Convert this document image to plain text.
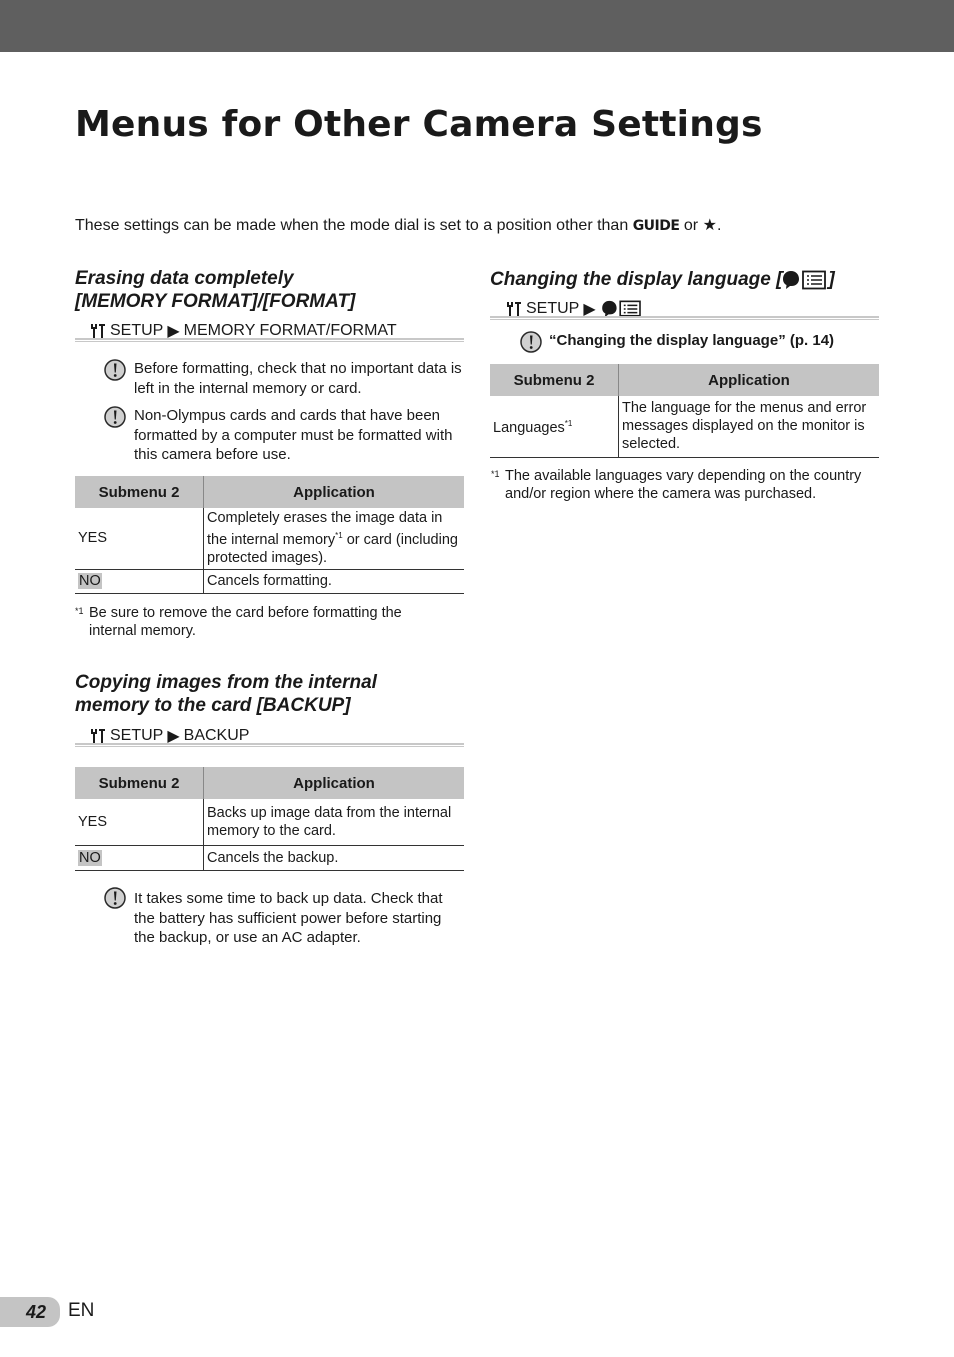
Menus for Other Camera Settings
These settings can be made when the mode dial is set to a position other than GUIDE or ★.
Erasing data completely
[MEMORY FORMAT]/[FORMAT]
SETUP ▶ MEMORY FORMAT/FORMAT
Before formatting, check that no important data is left in the internal memory or card.
Non-Olympus cards and cards that have been formatted by a computer must be formatted with this camera before use.
Submenu 2	Application
YES	Completely erases the image data in the internal memory$^{*1}$ or card (including protected images).
NO	Cancels formatting.
*1 Be sure to remove the card before formatting the internal memory.
Copying images from the internal
memory to the card [BACKUP]
SETUP ▶ BACKUP
Submenu 2	Application
YES	Backs up image data from the internal memory to the card.
NO	Cancels the backup.
It takes some time to back up data. Check that the battery has sufficient power before starting the backup, or use an AC adapter.
Changing the display language [ ]
SETUP ▶
“Changing the display language” (p. 14)
Submenu 2	Application
Languages$^{*1}$	The language for the menus and error messages displayed on the monitor is selected.
*1 The available languages vary depending on the country and/or region where the camera was purchased.
42	EN
